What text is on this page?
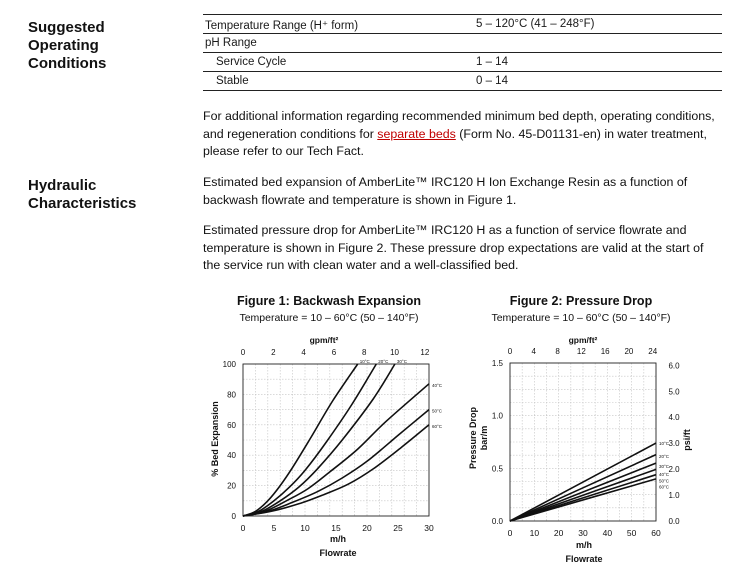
Suggested
Operating
Conditions
Hydraulic
Characteristics
Temperature Range (H⁺ form)	5 – 120°C (41 – 248°F)
pH Range
Service Cycle	1 – 14
Stable	0 – 14
For additional information regarding recommended minimum bed depth, operating conditions, and regeneration conditions for separate beds (Form No. 45-D01131-en) in water treatment, please refer to our Tech Fact.
Estimated bed expansion of AmberLite™ IRC120 H Ion Exchange Resin as a function of backwash flowrate and temperature is shown in Figure 1.
Estimated pressure drop for AmberLite™ IRC120 H as a function of service flowrate and temperature is shown in Figure 2. These pressure drop expectations are valid at the start of the service run with clean water and a well-classified bed.
Figure 1: Backwash Expansion
Temperature = 10 – 60°C (50 – 140°F)
gpm/ft²
% Bed Expansion
m/h
Flowrate
0	5	10	15	20	25	30
0
20
40
60
80
100
0	2	4	6	8	10	12
10°C 20°C 30°C
40°C
50°C
60°C
Figure 2: Pressure Drop
Temperature = 10 – 60°C (50 – 140°F)
gpm/ft²
Pressure Drop bar/m	psi/ft
m/h
Flowrate
0 10 20 30 40 50 60
0.0
0.5
1.0
1.5
0 4 8 12 16 20 24
0.0
1.0
2.0
3.0
4.0
5.0
6.0
10°C
20°C
30°C
40°C
50°C
60°C
